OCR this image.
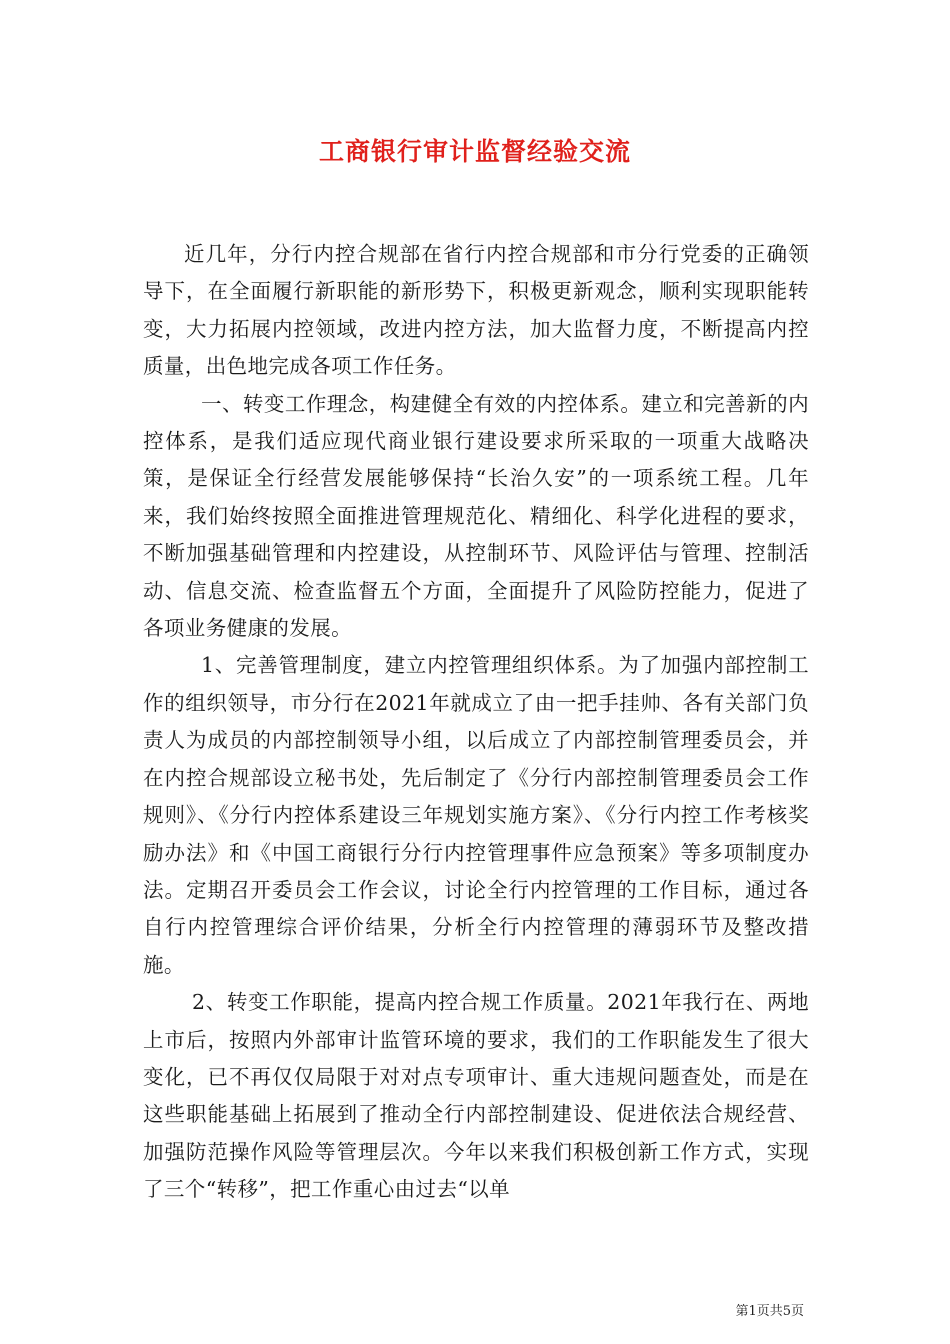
工商银行审计监督经验交流

近几年，分行内控合规部在省行内控合规部和市分行党委的正确领导下，在全面履行新职能的新形势下，积极更新观念，顺利实现职能转变，大力拓展内控领域，改进内控方法，加大监督力度，不断提高内控质量，出色地完成各项工作任务。

一、转变工作理念，构建健全有效的内控体系。建立和完善新的内控体系，是我们适应现代商业银行建设要求所采取的一项重大战略决策，是保证全行经营发展能够保持“长治久安”的一项系统工程。几年来，我们始终按照全面推进管理规范化、精细化、科学化进程的要求，不断加强基础管理和内控建设，从控制环节、风险评估与管理、控制活动、信息交流、检查监督五个方面，全面提升了风险防控能力，促进了各项业务健康的发展。

1、完善管理制度，建立内控管理组织体系。为了加强内部控制工作的组织领导，市分行在2021年就成立了由一把手挂帅、各有关部门负责人为成员的内部控制领导小组，以后成立了内部控制管理委员会，并在内控合规部设立秘书处，先后制定了《分行内部控制管理委员会工作规则》、《分行内控体系建设三年规划实施方案》、《分行内控工作考核奖励办法》和《中国工商银行分行内控管理事件应急预案》等多项制度办法。定期召开委员会工作会议，讨论全行内控管理的工作目标，通过各自行内控管理综合评价结果，分析全行内控管理的薄弱环节及整改措施。

2、转变工作职能，提高内控合规工作质量。2021年我行在、两地上市后，按照内外部审计监管环境的要求，我们的工作职能发生了很大变化，已不再仅仅局限于对对点专项审计、重大违规问题查处，而是在这些职能基础上拓展到了推动全行内部控制建设、促进依法合规经营、加强防范操作风险等管理层次。今年以来我们积极创新工作方式，实现了三个“转移”，把工作重心由过去“以单

第1页共5页
